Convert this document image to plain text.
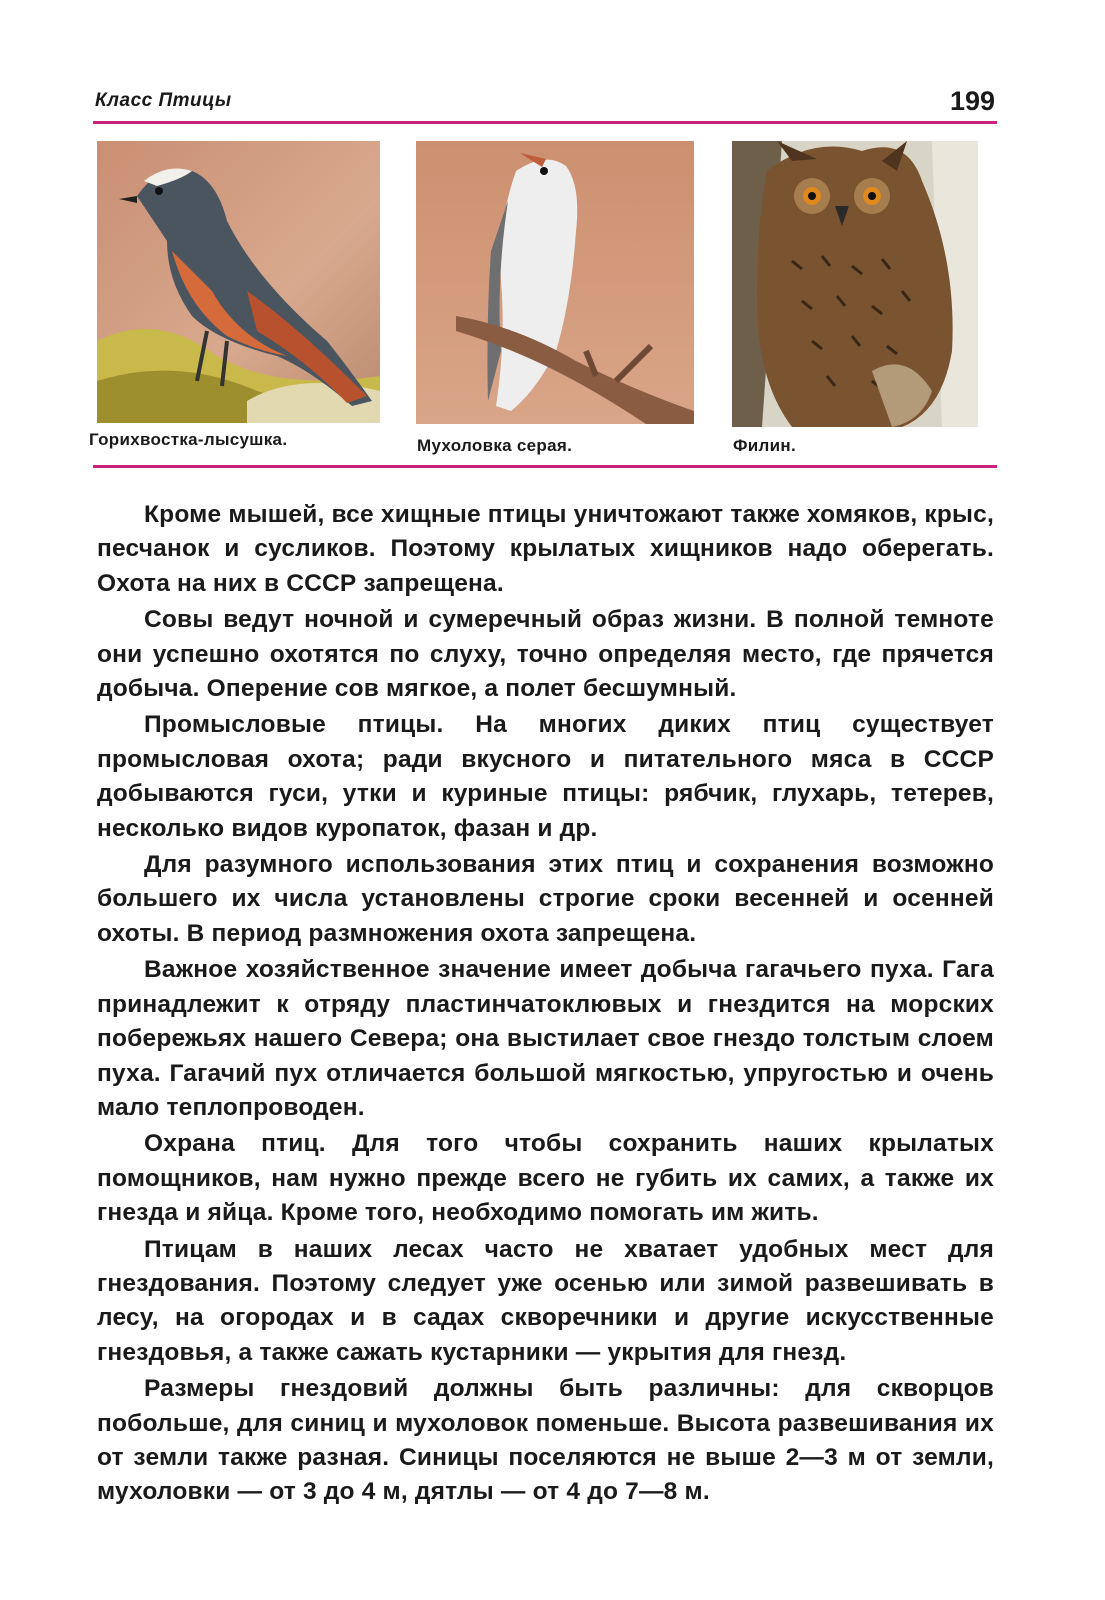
Класс Птицы	199
Горихвостка-лысушка.	Мухоловка серая.	Филин.

Кроме мышей, все хищные птицы уничтожают также хомяков, крыс, песчанок и сусликов. Поэтому крылатых хищников надо оберегать. Охота на них в СССР запрещена.

Совы ведут ночной и сумеречный образ жизни. В полной темноте они успешно охотятся по слуху, точно определяя место, где прячется добыча. Оперение сов мягкое, а полет бесшумный.

Промысловые птицы. На многих диких птиц существует промысловая охота; ради вкусного и питательного мяса в СССР добываются гуси, утки и куриные птицы: рябчик, глухарь, тетерев, несколько видов куропаток, фазан и др.

Для разумного использования этих птиц и сохранения возможно большего их числа установлены строгие сроки весенней и осенней охоты. В период размножения охота запрещена.

Важное хозяйственное значение имеет добыча гагачьего пуха. Гага принадлежит к отряду пластинчатоклювых и гнездится на морских побережьях нашего Севера; она выстилает свое гнездо толстым слоем пуха. Гагачий пух отличается большой мягкостью, упругостью и очень мало теплопроводен.

Охрана птиц. Для того чтобы сохранить наших крылатых помощников, нам нужно прежде всего не губить их самих, а также их гнезда и яйца. Кроме того, необходимо помогать им жить.

Птицам в наших лесах часто не хватает удобных мест для гнездования. Поэтому следует уже осенью или зимой развешивать в лесу, на огородах и в садах скворечники и другие искусственные гнездовья, а также сажать кустарники — укрытия для гнезд.

Размеры гнездовий должны быть различны: для скворцов побольше, для синиц и мухоловок поменьше. Высота развешивания их от земли также разная. Синицы поселяются не выше 2—3 м от земли, мухоловки — от 3 до 4 м, дятлы — от 4 до 7—8 м.
